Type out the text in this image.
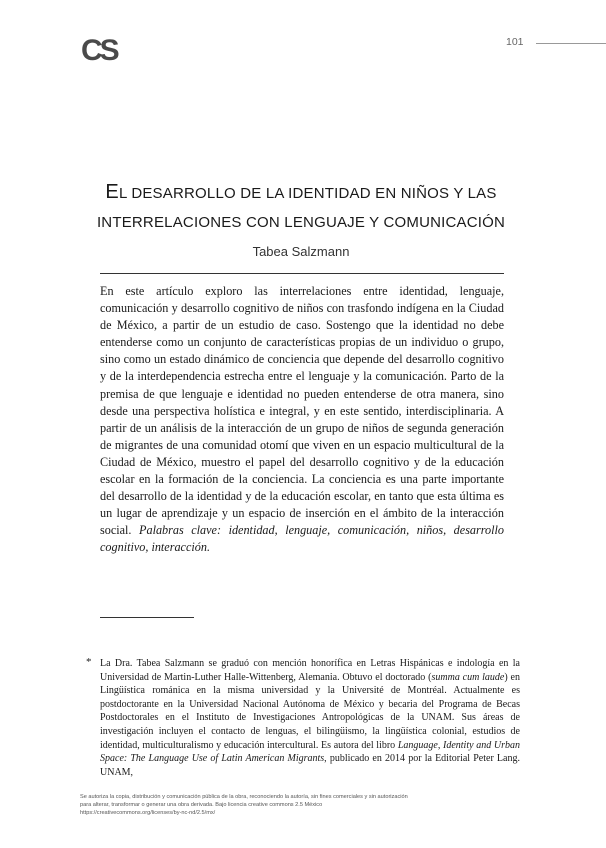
CS	101
EL DESARROLLO DE LA IDENTIDAD EN NIÑOS Y LAS
INTERRELACIONES CON LENGUAJE Y COMUNICACIÓN
Tabea Salzmann

En este artículo exploro las interrelaciones entre identidad, lenguaje, comunicación y desarrollo cognitivo de niños con trasfondo indígena en la Ciudad de México, a partir de un estudio de caso. Sostengo que la identidad no debe entenderse como un conjunto de características propias de un individuo o grupo, sino como un estado dinámico de conciencia que depende del desarrollo cognitivo y de la interdependencia estrecha entre el lenguaje y la comunicación. Parto de la premisa de que lenguaje e identidad no pueden entenderse de otra manera, sino desde una perspectiva holística e integral, y en este sentido, interdisciplinaria. A partir de un análisis de la interacción de un grupo de niños de segunda generación de migrantes de una comunidad otomí que viven en un espacio multicultural de la Ciudad de México, muestro el papel del desarrollo cognitivo y de la educación escolar en la formación de la conciencia. La conciencia es una parte importante del desarrollo de la identidad y de la educación escolar, en tanto que esta última es un lugar de aprendizaje y un espacio de inserción en el ámbito de la interacción social. Palabras clave: identidad, lenguaje, comunicación, niños, desarrollo cognitivo, interacción.

* La Dra. Tabea Salzmann se graduó con mención honorífica en Letras Hispánicas e indología en la Universidad de Martin-Luther Halle-Wittenberg, Alemania. Obtuvo el doctorado (summa cum laude) en Lingüística románica en la misma universidad y la Université de Montréal. Actualmente es postdoctorante en la Universidad Nacional Autónoma de México y becaria del Programa de Becas Postdoctorales en el Instituto de Investigaciones Antropológicas de la UNAM. Sus áreas de investigación incluyen el contacto de lenguas, el bilingüismo, la lingüística colonial, estudios de identidad, multiculturalismo y educación intercultural. Es autora del libro Language, Identity and Urban Space: The Language Use of Latin American Migrants, publicado en 2014 por la Editorial Peter Lang. UNAM,

Se autoriza la copia, distribución y comunicación pública de la obra, reconociendo la autoría, sin fines comerciales y sin autorización
para alterar, transformar o generar una obra derivada. Bajo licencia creative commons 2.5 México
https://creativecommons.org/licenses/by-nc-nd/2.5/mx/
